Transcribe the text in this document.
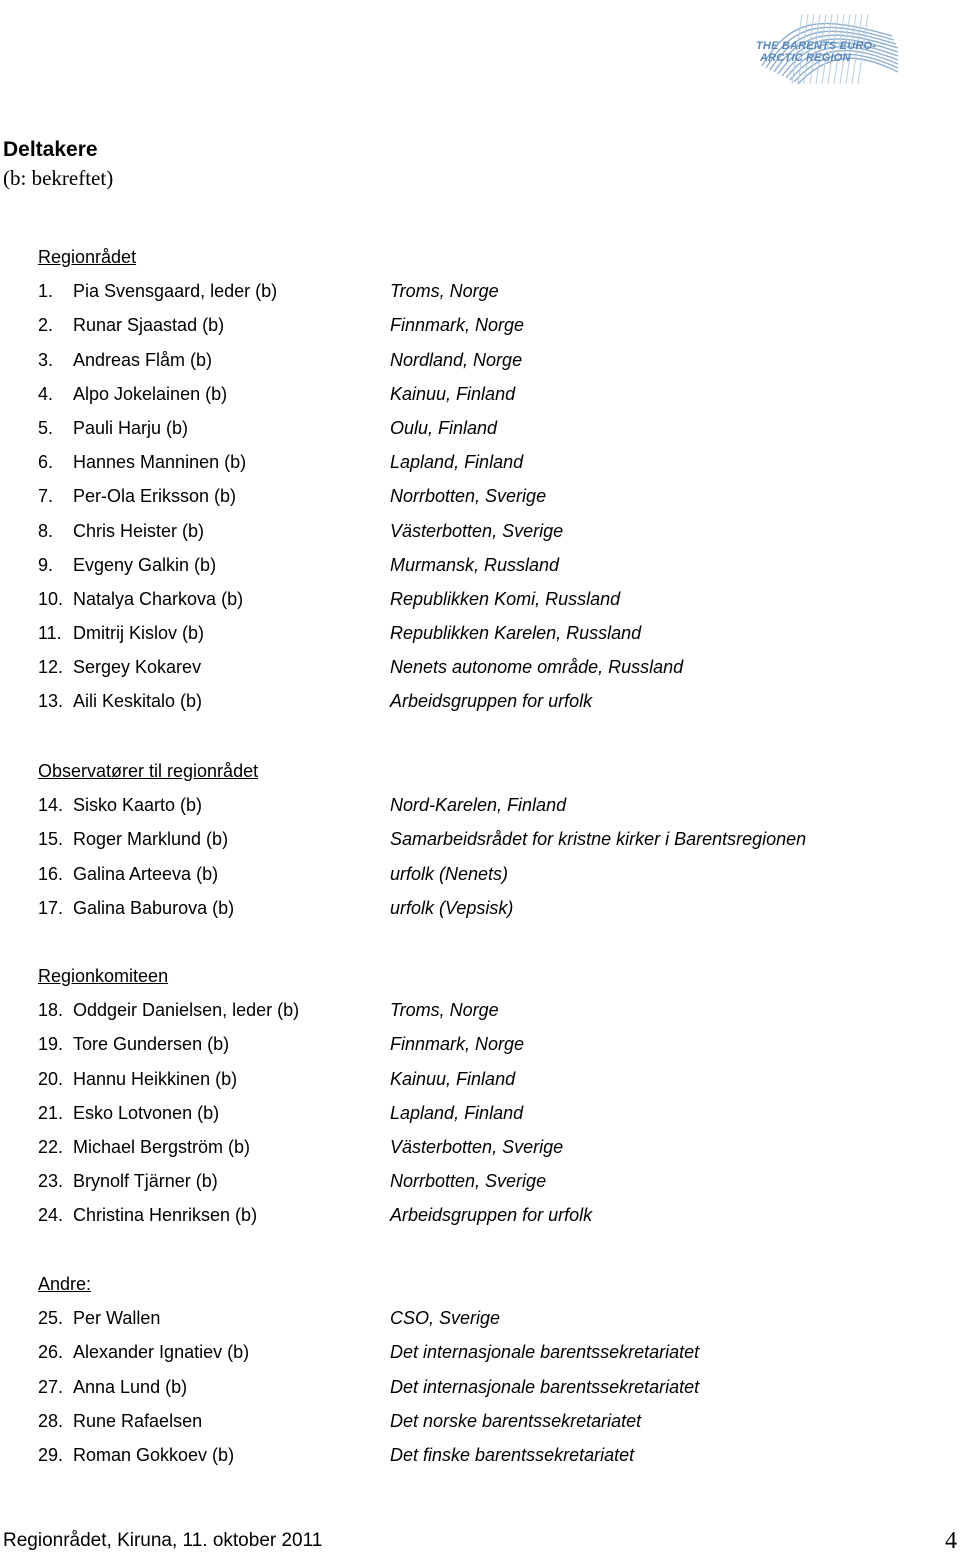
THE BARENTS EURO-
ARCTIC REGION
Deltakere
(b: bekreftet)
Regionrådet
1. Pia Svensgaard, leder (b)	Troms, Norge
2. Runar Sjaastad (b)	Finnmark, Norge
3. Andreas Flåm (b)	Nordland, Norge
4. Alpo Jokelainen (b)	Kainuu, Finland
5. Pauli Harju (b)	Oulu, Finland
6. Hannes Manninen (b)	Lapland, Finland
7. Per-Ola Eriksson (b)	Norrbotten, Sverige
8. Chris Heister (b)	Västerbotten, Sverige
9. Evgeny Galkin (b)	Murmansk, Russland
10. Natalya Charkova (b)	Republikken Komi, Russland
11. Dmitrij Kislov (b)	Republikken Karelen, Russland
12. Sergey Kokarev	Nenets autonome område, Russland
13. Aili Keskitalo (b)	Arbeidsgruppen for urfolk
Observatører til regionrådet
14. Sisko Kaarto (b)	Nord-Karelen, Finland
15. Roger Marklund (b)	Samarbeidsrådet for kristne kirker i Barentsregionen
16. Galina Arteeva (b)	urfolk (Nenets)
17. Galina Baburova (b)	urfolk (Vepsisk)
Regionkomiteen
18. Oddgeir Danielsen, leder (b)	Troms, Norge
19. Tore Gundersen (b)	Finnmark, Norge
20. Hannu Heikkinen (b)	Kainuu, Finland
21. Esko Lotvonen (b)	Lapland, Finland
22. Michael Bergström (b)	Västerbotten, Sverige
23. Brynolf Tjärner (b)	Norrbotten, Sverige
24. Christina Henriksen (b)	Arbeidsgruppen for urfolk
Andre:
25. Per Wallen	CSO, Sverige
26. Alexander Ignatiev (b)	Det internasjonale barentssekretariatet
27. Anna Lund (b)	Det internasjonale barentssekretariatet
28. Rune Rafaelsen	Det norske barentssekretariatet
29. Roman Gokkoev (b)	Det finske barentssekretariatet
Regionrådet, Kiruna, 11. oktober 2011	4
